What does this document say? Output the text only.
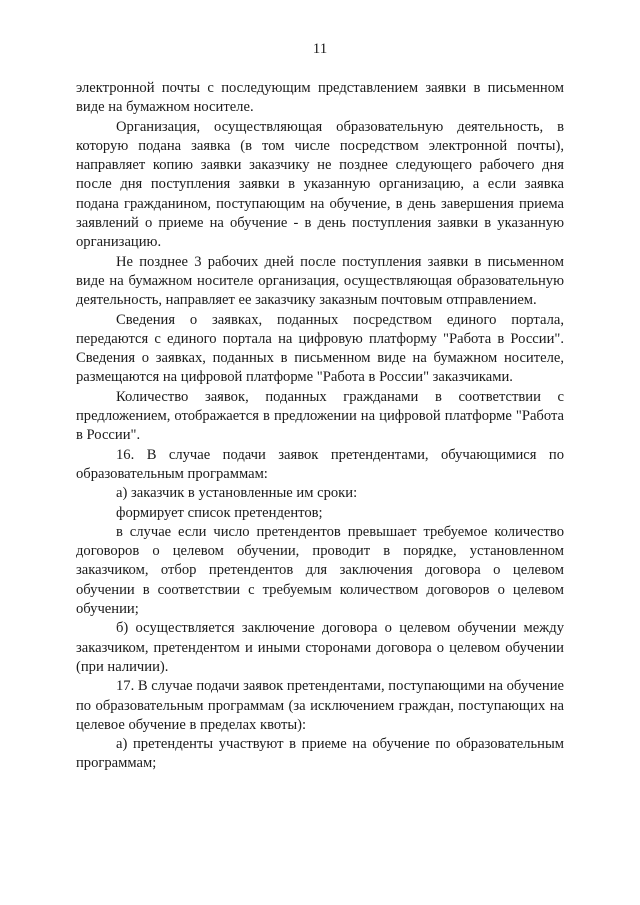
11

электронной почты с последующим представлением заявки в письменном виде на бумажном носителе.

Организация, осуществляющая образовательную деятельность, в которую подана заявка (в том числе посредством электронной почты), направляет копию заявки заказчику не позднее следующего рабочего дня после дня поступления заявки в указанную организацию, а если заявка подана гражданином, поступающим на обучение, в день завершения приема заявлений о приеме на обучение - в день поступления заявки в указанную организацию.

Не позднее 3 рабочих дней после поступления заявки в письменном виде на бумажном носителе организация, осуществляющая образовательную деятельность, направляет ее заказчику заказным почтовым отправлением.

Сведения о заявках, поданных посредством единого портала, передаются с единого портала на цифровую платформу "Работа в России". Сведения о заявках, поданных в письменном виде на бумажном носителе, размещаются на цифровой платформе "Работа в России" заказчиками.

Количество заявок, поданных гражданами в соответствии с предложением, отображается в предложении на цифровой платформе "Работа в России".

16. В случае подачи заявок претендентами, обучающимися по образовательным программам:

а) заказчик в установленные им сроки:

формирует список претендентов;

в случае если число претендентов превышает требуемое количество договоров о целевом обучении, проводит в порядке, установленном заказчиком, отбор претендентов для заключения договора о целевом обучении в соответствии с требуемым количеством договоров о целевом обучении;

б) осуществляется заключение договора о целевом обучении между заказчиком, претендентом и иными сторонами договора о целевом обучении (при наличии).

17. В случае подачи заявок претендентами, поступающими на обучение по образовательным программам (за исключением граждан, поступающих на целевое обучение в пределах квоты):

а) претенденты участвуют в приеме на обучение по образовательным программам;
